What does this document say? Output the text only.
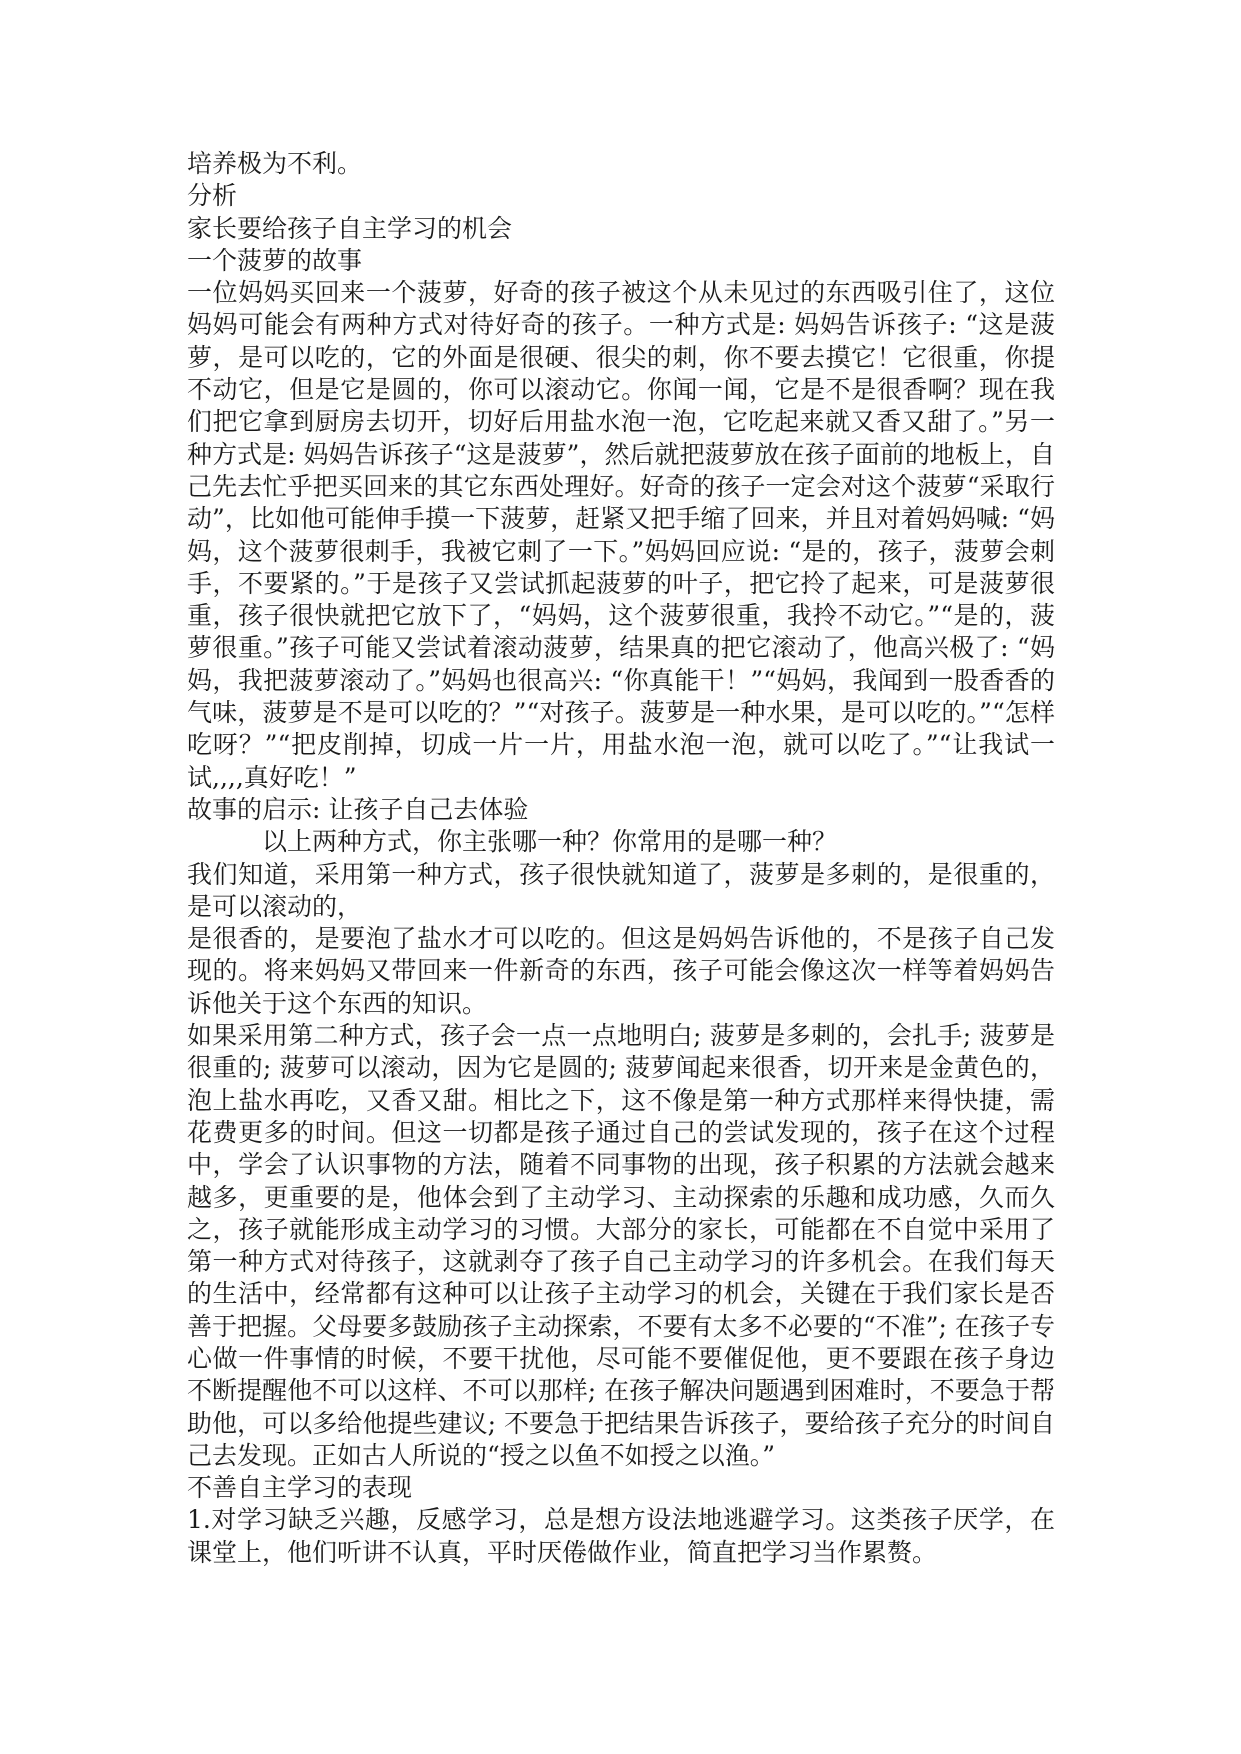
培养极为不利。

分析

家长要给孩子自主学习的机会

一个菠萝的故事

一位妈妈买回来一个菠萝，好奇的孩子被这个从未见过的东西吸引住了，这位妈妈可能会有两种方式对待好奇的孩子。一种方式是: 妈妈告诉孩子: “这是菠萝，是可以吃的，它的外面是很硬、很尖的刺，你不要去摸它！它很重，你提不动它，但是它是圆的，你可以滚动它。你闻一闻，它是不是很香啊？现在我们把它拿到厨房去切开，切好后用盐水泡一泡，它吃起来就又香又甜了。”另一种方式是: 妈妈告诉孩子“这是菠萝”，然后就把菠萝放在孩子面前的地板上，自己先去忙乎把买回来的其它东西处理好。好奇的孩子一定会对这个菠萝“采取行动”，比如他可能伸手摸一下菠萝，赶紧又把手缩了回来，并且对着妈妈喊: “妈妈，这个菠萝很刺手，我被它刺了一下。”妈妈回应说: “是的，孩子，菠萝会刺手，不要紧的。”于是孩子又尝试抓起菠萝的叶子，把它拎了起来，可是菠萝很重，孩子很快就把它放下了，“妈妈，这个菠萝很重，我拎不动它。”“是的，菠萝很重。”孩子可能又尝试着滚动菠萝，结果真的把它滚动了，他高兴极了: “妈妈，我把菠萝滚动了。”妈妈也很高兴: “你真能干！”“妈妈，我闻到一股香香的气味，菠萝是不是可以吃的？”“对孩子。菠萝是一种水果，是可以吃的。”“怎样吃呀？”“把皮削掉，切成一片一片，用盐水泡一泡，就可以吃了。”“让我试一试,,,,真好吃！”

故事的启示: 让孩子自己去体验

以上两种方式，你主张哪一种？你常用的是哪一种？

我们知道，采用第一种方式，孩子很快就知道了，菠萝是多刺的，是很重的，是可以滚动的，

是很香的，是要泡了盐水才可以吃的。但这是妈妈告诉他的，不是孩子自己发现的。将来妈妈又带回来一件新奇的东西，孩子可能会像这次一样等着妈妈告诉他关于这个东西的知识。

如果采用第二种方式，孩子会一点一点地明白; 菠萝是多刺的，会扎手; 菠萝是很重的; 菠萝可以滚动，因为它是圆的; 菠萝闻起来很香，切开来是金黄色的，泡上盐水再吃，又香又甜。相比之下，这不像是第一种方式那样来得快捷，需花费更多的时间。但这一切都是孩子通过自己的尝试发现的，孩子在这个过程中，学会了认识事物的方法，随着不同事物的出现，孩子积累的方法就会越来越多，更重要的是，他体会到了主动学习、主动探索的乐趣和成功感，久而久之，孩子就能形成主动学习的习惯。大部分的家长，可能都在不自觉中采用了第一种方式对待孩子，这就剥夺了孩子自己主动学习的许多机会。在我们每天的生活中，经常都有这种可以让孩子主动学习的机会，关键在于我们家长是否善于把握。父母要多鼓励孩子主动探索，不要有太多不必要的“不准”; 在孩子专心做一件事情的时候，不要干扰他，尽可能不要催促他，更不要跟在孩子身边不断提醒他不可以这样、不可以那样; 在孩子解决问题遇到困难时，不要急于帮助他，可以多给他提些建议; 不要急于把结果告诉孩子，要给孩子充分的时间自己去发现。正如古人所说的“授之以鱼不如授之以渔。”

不善自主学习的表现

1.对学习缺乏兴趣，反感学习，总是想方设法地逃避学习。这类孩子厌学，在课堂上，他们听讲不认真，平时厌倦做作业，简直把学习当作累赘。
